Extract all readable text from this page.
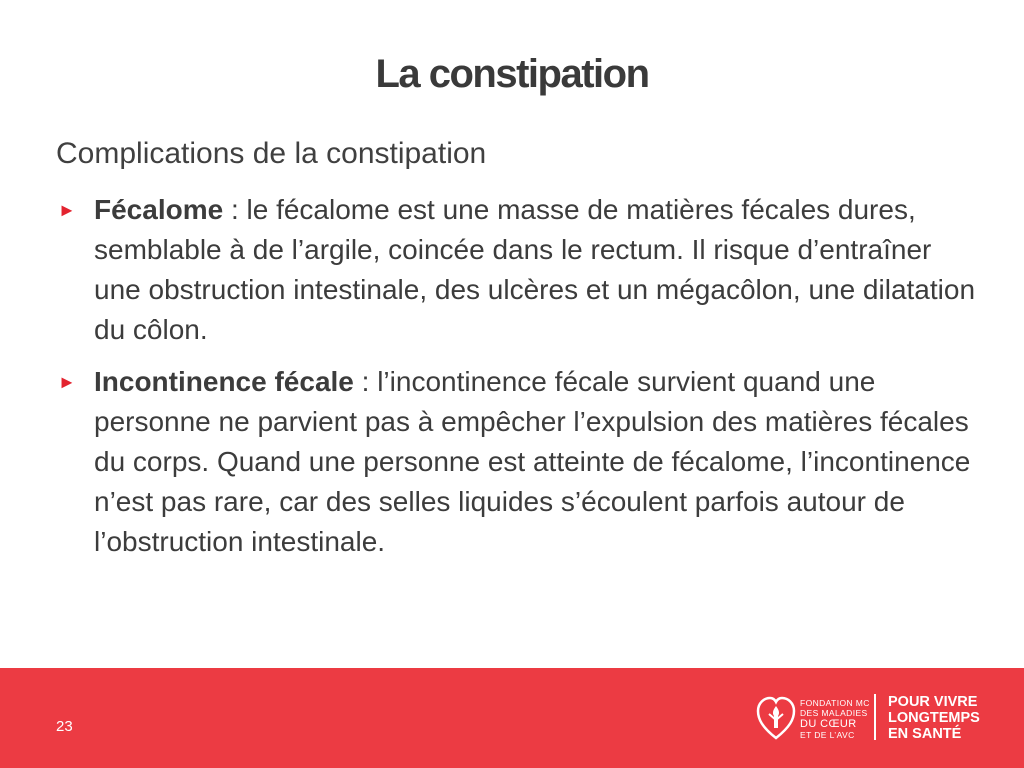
La constipation

Complications de la constipation

► Fécalome : le fécalome est une masse de matières fécales dures, semblable à de l’argile, coincée dans le rectum. Il risque d’entraîner une obstruction intestinale, des ulcères et un mégacôlon, une dilatation du côlon.
► Incontinence fécale : l’incontinence fécale survient quand une personne ne parvient pas à empêcher l’expulsion des matières fécales du corps. Quand une personne est atteinte de fécalome, l’incontinence n’est pas rare, car des selles liquides s’écoulent parfois autour de l’obstruction intestinale.
23
FONDATION MC
DES MALADIES
DU CŒUR
ET DE L’AVC
POUR VIVRE
LONGTEMPS
EN SANTÉ
